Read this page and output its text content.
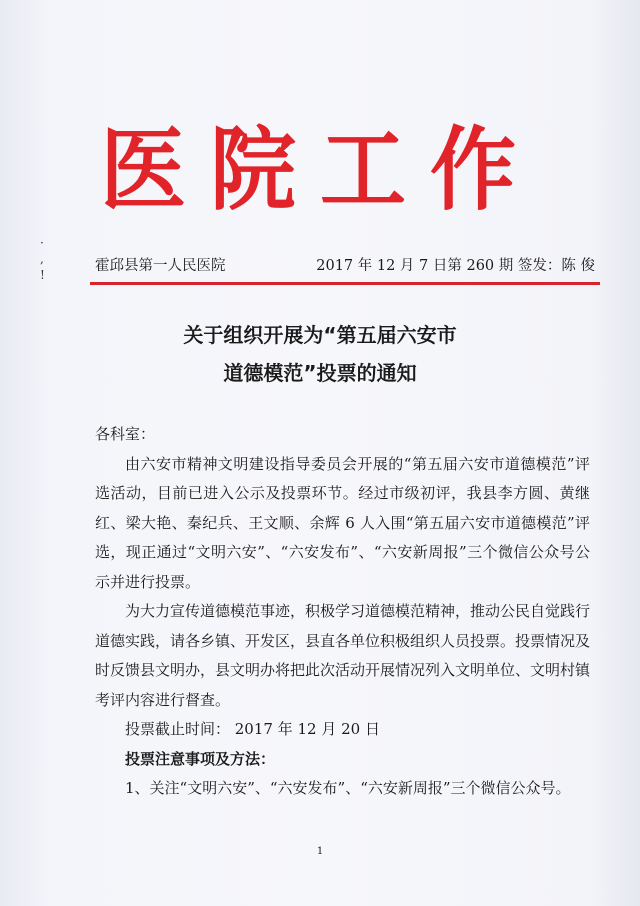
医院工作
·
,
!
霍邱县第一人民医院	2017 年 12 月 7 日第 260 期 签发：陈 俊
关于组织开展为“第五届六安市
道德模范”投票的通知

各科室：

由六安市精神文明建设指导委员会开展的“第五届六安市道德模范”评选活动，目前已进入公示及投票环节。经过市级初评，我县李方圆、黄继红、梁大艳、秦纪兵、王文顺、余辉 6 人入围“第五届六安市道德模范”评选，现正通过“文明六安”、“六安发布”、“六安新周报”三个微信公众号公示并进行投票。

为大力宣传道德模范事迹，积极学习道德模范精神，推动公民自觉践行道德实践，请各乡镇、开发区，县直各单位积极组织人员投票。投票情况及时反馈县文明办，县文明办将把此次活动开展情况列入文明单位、文明村镇考评内容进行督查。

投票截止时间： 2017 年 12 月 20 日

投票注意事项及方法：

1、关注“文明六安”、“六安发布”、“六安新周报”三个微信公众号。

1
